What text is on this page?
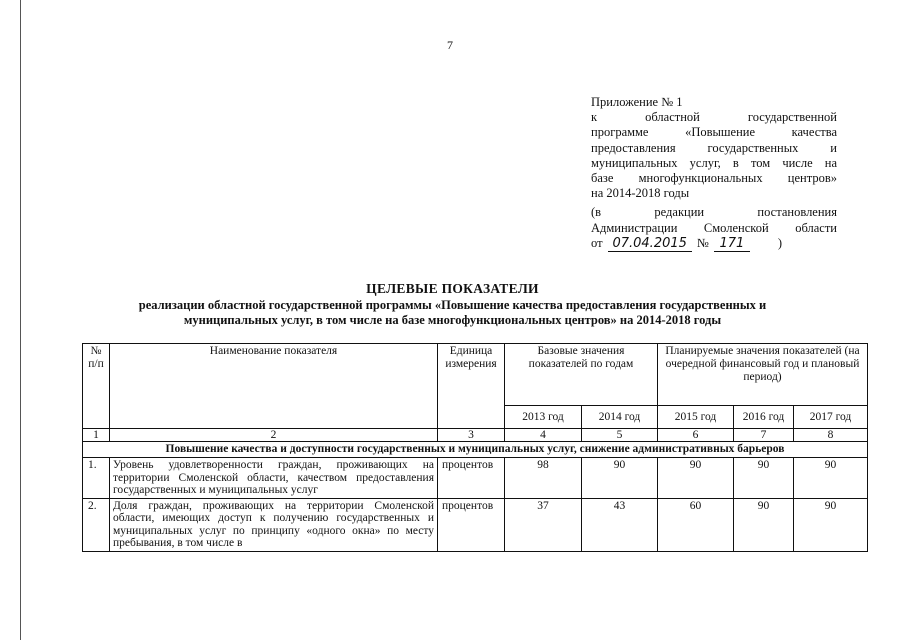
7
Приложение № 1
к областной государственной
программе «Повышение качества
предоставления государственных и
муниципальных услуг, в том числе на
базе многофункциональных центров»
на 2014-2018 годы
(в редакции постановления
Администрации Смоленской области
от 07.04.2015 № 171	)
ЦЕЛЕВЫЕ ПОКАЗАТЕЛИ
реализации областной государственной программы «Повышение качества предоставления государственных и
муниципальных услуг, в том числе на базе многофункциональных центров» на 2014-2018 годы
№ п/п	Наименование показателя	Единица измерения	Базовые значения показателей по годам		Планируемые значения показателей (на очередной финансовый год и плановый период)		
			2013 год	2014 год	2015 год	2016 год	2017 год
1	2	3	4	5	6	7	8
Повышение качества и доступности государственных и муниципальных услуг, снижение административных барьеров							
1.	Уровень удовлетворенности граждан, проживающих на территории Смоленской области, качеством предоставления государственных и муниципальных услуг	процентов	98	90	90	90	90
2.	Доля граждан, проживающих на территории Смоленской области, имеющих доступ к получению государственных и муниципальных услуг по принципу «одного окна» по месту пребывания, в том числе в	процентов	37	43	60	90	90
